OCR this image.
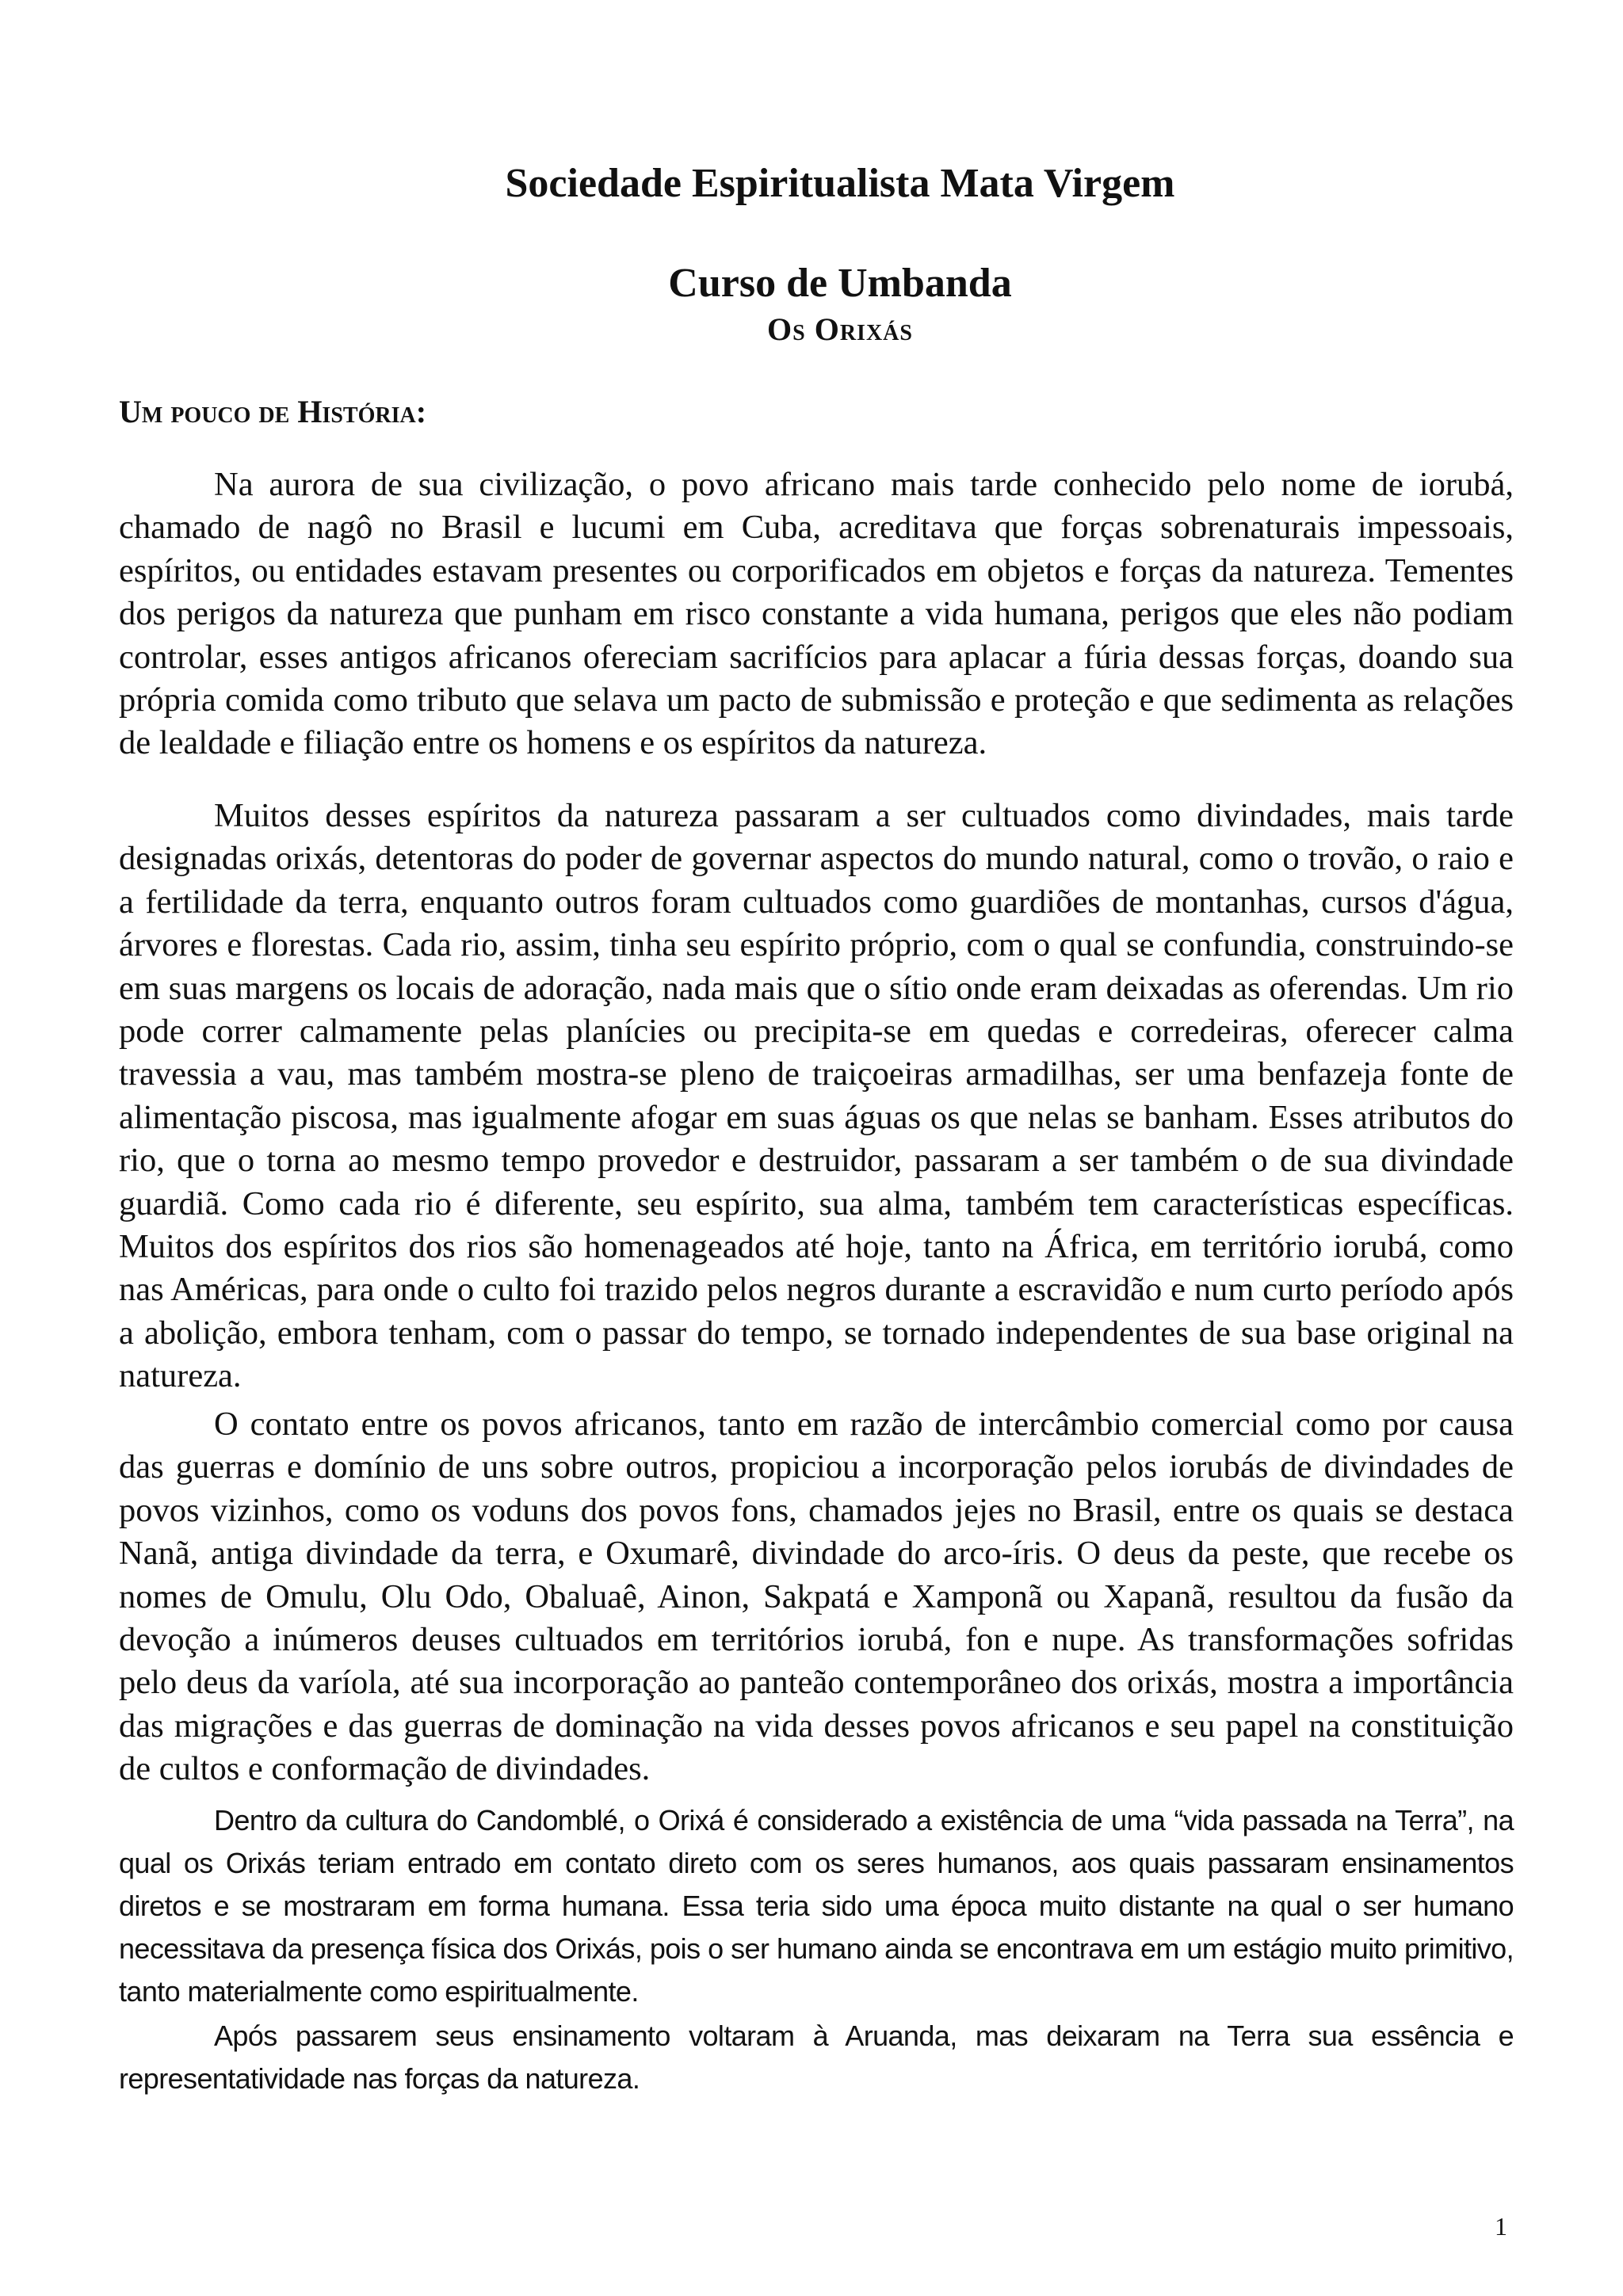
Sociedade Espiritualista Mata Virgem
Curso de Umbanda
Os Orixás
Um pouco de História:

Na aurora de sua civilização, o povo africano mais tarde conhecido pelo nome de iorubá, chamado de nagô no Brasil e lucumi em Cuba, acreditava que forças sobrenaturais impessoais, espíritos, ou entidades estavam presentes ou corporificados em objetos e forças da natureza. Tementes dos perigos da natureza que punham em risco constante a vida humana, perigos que eles não podiam controlar, esses antigos africanos ofereciam sacrifícios para aplacar a fúria dessas forças, doando sua própria comida como tributo que selava um pacto de submissão e proteção e que sedimenta as relações de lealdade e filiação entre os homens e os espíritos da natureza.

Muitos desses espíritos da natureza passaram a ser cultuados como divindades, mais tarde designadas orixás, detentoras do poder de governar aspectos do mundo natural, como o trovão, o raio e a fertilidade da terra, enquanto outros foram cultuados como guardiões de montanhas, cursos d'água, árvores e florestas. Cada rio, assim, tinha seu espírito próprio, com o qual se confundia, construindo-se em suas margens os locais de adoração, nada mais que o sítio onde eram deixadas as oferendas. Um rio pode correr calmamente pelas planícies ou precipita-se em quedas e corredeiras, oferecer calma travessia a vau, mas também mostra-se pleno de traiçoeiras armadilhas, ser uma benfazeja fonte de alimentação piscosa, mas igualmente afogar em suas águas os que nelas se banham. Esses atributos do rio, que o torna ao mesmo tempo provedor e destruidor, passaram a ser também o de sua divindade guardiã. Como cada rio é diferente, seu espírito, sua alma, também tem características específicas. Muitos dos espíritos dos rios são homenageados até hoje, tanto na África, em território iorubá, como nas Américas, para onde o culto foi trazido pelos negros durante a escravidão e num curto período após a abolição, embora tenham, com o passar do tempo, se tornado independentes de sua base original na natureza.

O contato entre os povos africanos, tanto em razão de intercâmbio comercial como por causa das guerras e domínio de uns sobre outros, propiciou a incorporação pelos iorubás de divindades de povos vizinhos, como os voduns dos povos fons, chamados jejes no Brasil, entre os quais se destaca Nanã, antiga divindade da terra, e Oxumarê, divindade do arco-íris. O deus da peste, que recebe os nomes de Omulu, Olu Odo, Obaluaê, Ainon, Sakpatá e Xamponã ou Xapanã, resultou da fusão da devoção a inúmeros deuses cultuados em territórios iorubá, fon e nupe. As transformações sofridas pelo deus da varíola, até sua incorporação ao panteão contemporâneo dos orixás, mostra a importância das migrações e das guerras de dominação na vida desses povos africanos e seu papel na constituição de cultos e conformação de divindades.

Dentro da cultura do Candomblé, o Orixá é considerado a existência de uma “vida passada na Terra”, na qual os Orixás teriam entrado em contato direto com os seres humanos, aos quais passaram ensinamentos diretos e se mostraram em forma humana. Essa teria sido uma época muito distante na qual o ser humano necessitava da presença física dos Orixás, pois o ser humano ainda se encontrava em um estágio muito primitivo, tanto materialmente como espiritualmente.

Após passarem seus ensinamento voltaram à Aruanda, mas deixaram na Terra sua essência e representatividade nas forças da natureza.

1
